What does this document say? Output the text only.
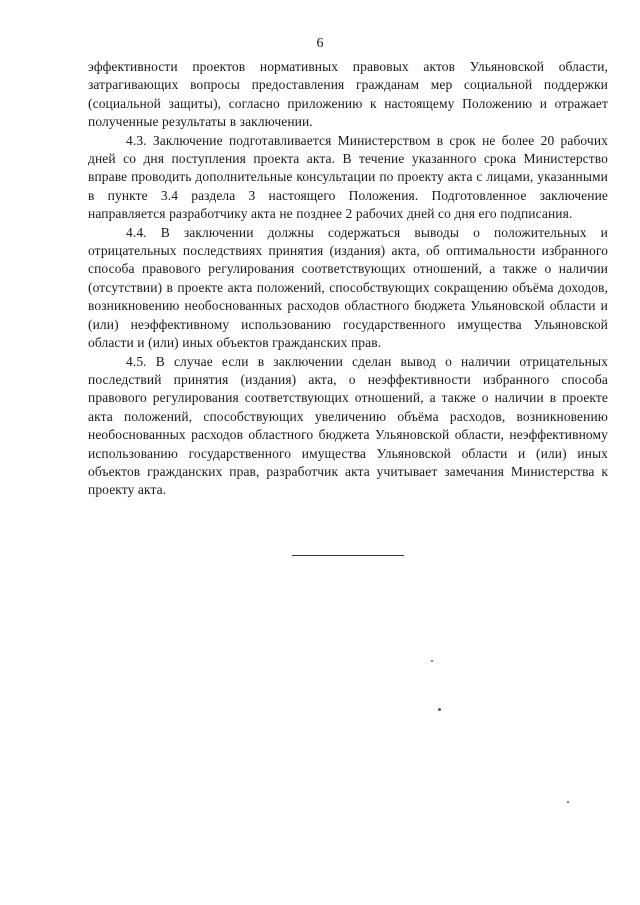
6

эффективности проектов нормативных правовых актов Ульяновской области, затрагивающих вопросы предоставления гражданам мер социальной поддержки (социальной защиты), согласно приложению к настоящему Положению и отражает полученные результаты в заключении.

4.3. Заключение подготавливается Министерством в срок не более 20 рабочих дней со дня поступления проекта акта. В течение указанного срока Министерство вправе проводить дополнительные консультации по проекту акта с лицами, указанными в пункте 3.4 раздела 3 настоящего Положения. Подготовленное заключение направляется разработчику акта не позднее 2 рабочих дней со дня его подписания.

4.4. В заключении должны содержаться выводы о положительных и отрицательных последствиях принятия (издания) акта, об оптимальности избранного способа правового регулирования соответствующих отношений, а также о наличии (отсутствии) в проекте акта положений, способствующих сокращению объёма доходов, возникновению необоснованных расходов областного бюджета Ульяновской области и (или) неэффективному использованию государственного имущества Ульяновской области и (или) иных объектов гражданских прав.

4.5. В случае если в заключении сделан вывод о наличии отрицательных последствий принятия (издания) акта, о неэффективности избранного способа правового регулирования соответствующих отношений, а также о наличии в проекте акта положений, способствующих увеличению объёма расходов, возникновению необоснованных расходов областного бюджета Ульяновской области, неэффективному использованию государственного имущества Ульяновской области и (или) иных объектов гражданских прав, разработчик акта учитывает замечания Министерства к проекту акта.
